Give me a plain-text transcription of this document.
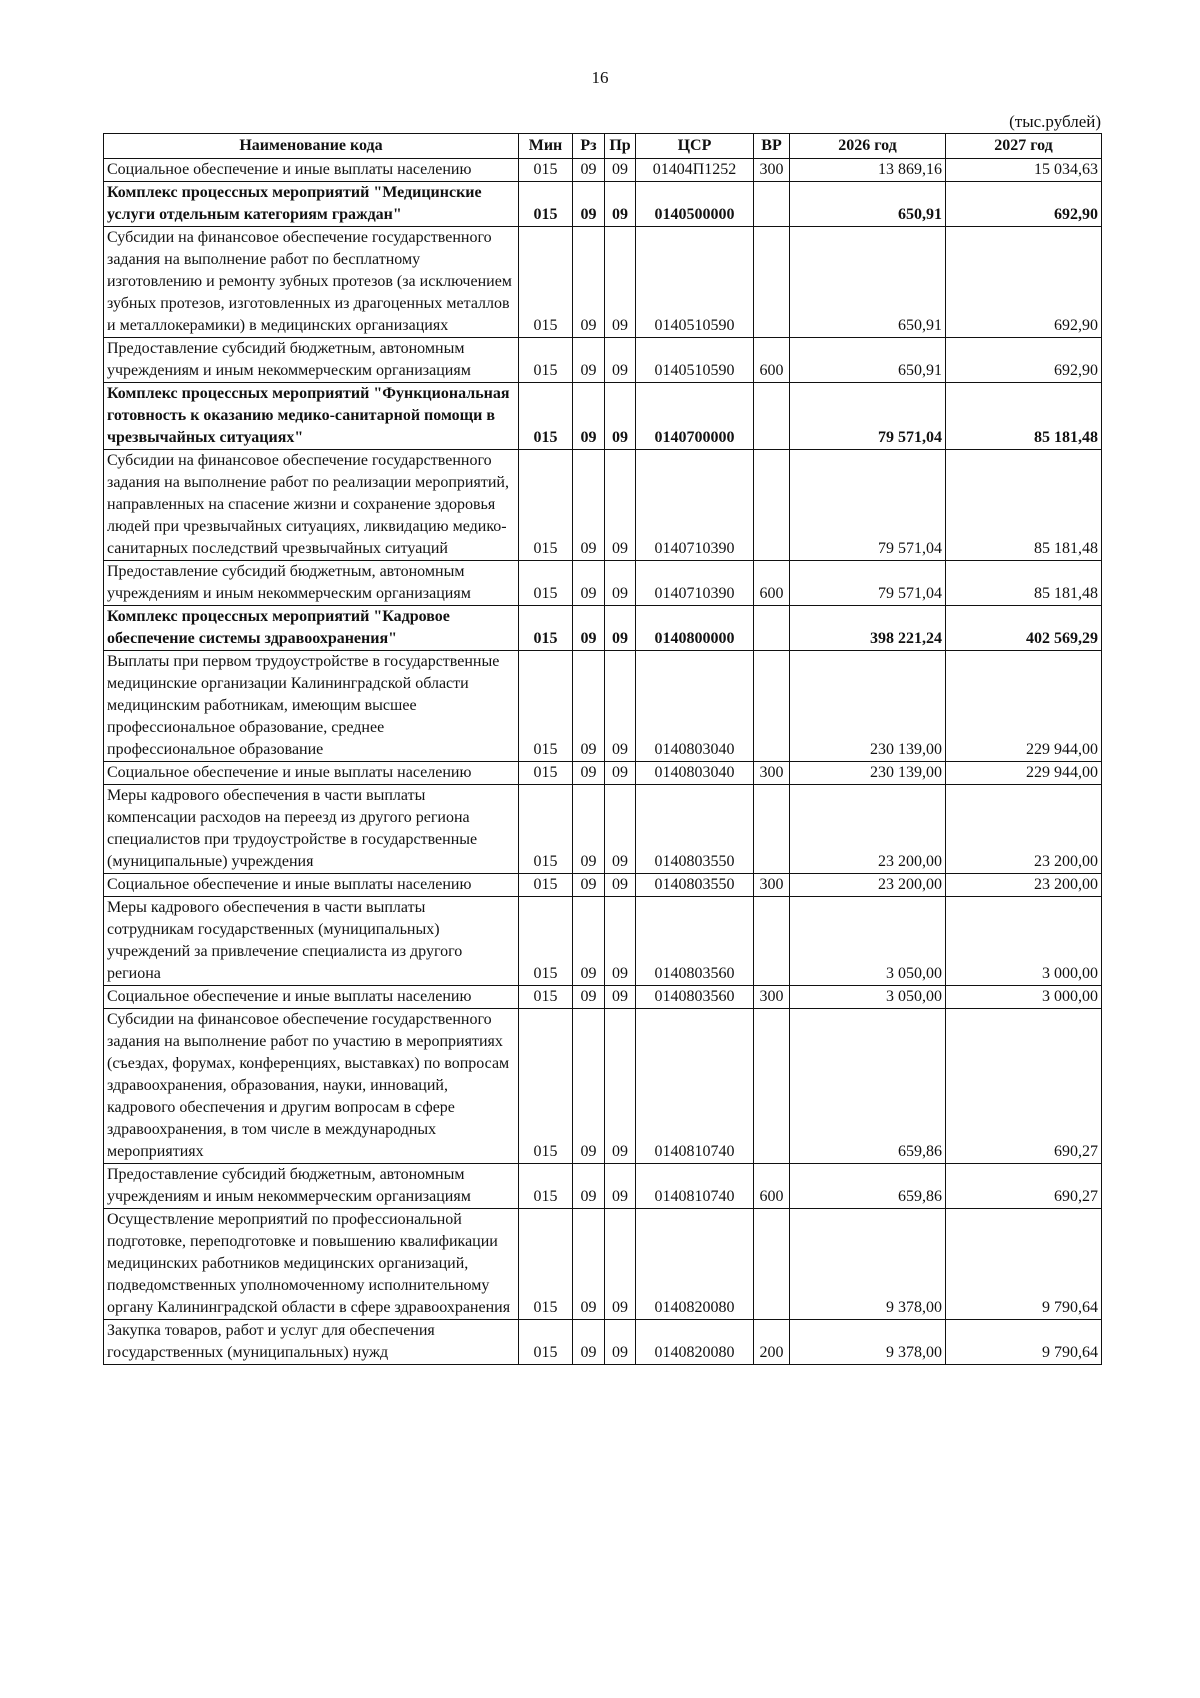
16
(тыс.рублей)
Наименование кода	Мин	Рз	Пр	ЦСР	ВР	2026 год	2027 год
Социальное обеспечение и иные выплаты населению	015	09	09	01404П1252	300	13 869,16	15 034,63
Комплекс процессных мероприятий "Медицинские услуги отдельным категориям граждан"	015	09	09	0140500000		650,91	692,90
Субсидии на финансовое обеспечение государственного задания на выполнение работ по бесплатному изготовлению и ремонту зубных протезов (за исключением зубных протезов, изготовленных из драгоценных металлов и металлокерамики) в медицинских организациях	015	09	09	0140510590		650,91	692,90
Предоставление субсидий бюджетным, автономным учреждениям и иным некоммерческим организациям	015	09	09	0140510590	600	650,91	692,90
Комплекс процессных мероприятий "Функциональная готовность к оказанию медико-санитарной помощи в чрезвычайных ситуациях"	015	09	09	0140700000		79 571,04	85 181,48
Субсидии на финансовое обеспечение государственного задания на выполнение работ по реализации мероприятий, направленных на спасение жизни и сохранение здоровья людей при чрезвычайных ситуациях, ликвидацию медико-санитарных последствий чрезвычайных ситуаций	015	09	09	0140710390		79 571,04	85 181,48
Предоставление субсидий бюджетным, автономным учреждениям и иным некоммерческим организациям	015	09	09	0140710390	600	79 571,04	85 181,48
Комплекс процессных мероприятий "Кадровое обеспечение системы здравоохранения"	015	09	09	0140800000		398 221,24	402 569,29
Выплаты при первом трудоустройстве в государственные медицинские организации Калининградской области медицинским работникам, имеющим высшее профессиональное образование, среднее профессиональное образование	015	09	09	0140803040		230 139,00	229 944,00
Социальное обеспечение и иные выплаты населению	015	09	09	0140803040	300	230 139,00	229 944,00
Меры кадрового обеспечения в части выплаты компенсации расходов на переезд из другого региона специалистов при трудоустройстве в государственные (муниципальные) учреждения	015	09	09	0140803550		23 200,00	23 200,00
Социальное обеспечение и иные выплаты населению	015	09	09	0140803550	300	23 200,00	23 200,00
Меры кадрового обеспечения в части выплаты сотрудникам государственных (муниципальных) учреждений за привлечение специалиста из другого региона	015	09	09	0140803560		3 050,00	3 000,00
Социальное обеспечение и иные выплаты населению	015	09	09	0140803560	300	3 050,00	3 000,00
Субсидии на финансовое обеспечение государственного задания на выполнение работ по участию в мероприятиях (съездах, форумах, конференциях, выставках) по вопросам здравоохранения, образования, науки, инноваций, кадрового обеспечения и другим вопросам в сфере здравоохранения, в том числе в международных мероприятиях	015	09	09	0140810740		659,86	690,27
Предоставление субсидий бюджетным, автономным учреждениям и иным некоммерческим организациям	015	09	09	0140810740	600	659,86	690,27
Осуществление мероприятий по профессиональной подготовке, переподготовке и повышению квалификации медицинских работников медицинских организаций, подведомственных уполномоченному исполнительному органу Калининградской области в сфере здравоохранения	015	09	09	0140820080		9 378,00	9 790,64
Закупка товаров, работ и услуг для обеспечения государственных (муниципальных) нужд	015	09	09	0140820080	200	9 378,00	9 790,64
